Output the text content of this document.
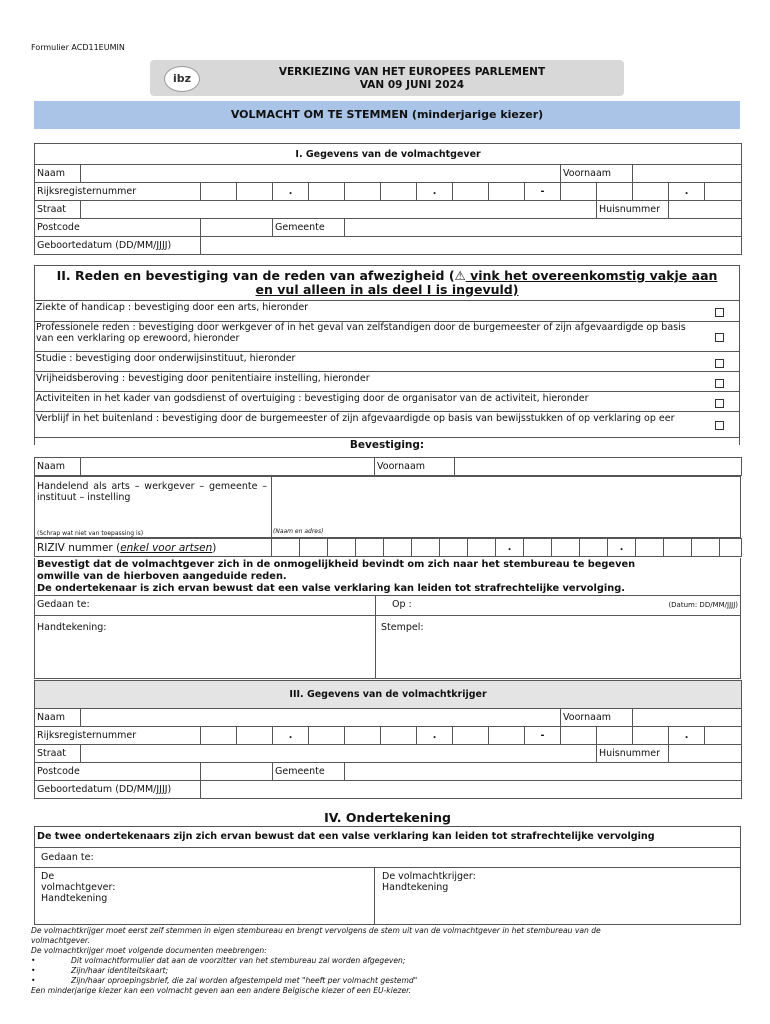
Formulier ACD11EUMIN
ibz	VERKIEZING VAN HET EUROPEES PARLEMENT
VAN 09 JUNI 2024
VOLMACHT OM TE STEMMEN (minderjarige kiezer)
I. Gegevens van de volmachtgever																
Naam												Voornaam				
Rijksregisternummer				.				.			-				.	
Straat													Huisnummer			
Postcode				Gemeente												
Geboortedatum (DD/MM/JJJJ)																
II. Reden en bevestiging van de reden van afwezigheid (⚠ vink het overeenkomstig vakje aan
en vul alleen in als deel I is ingevuld)
Ziekte of handicap : bevestiging door een arts, hieronder
Professionele reden : bevestiging door werkgever of in het geval van zelfstandigen door de burgemeester of zijn afgevaardigde op basis van een verklaring op erewoord, hieronder
Studie : bevestiging door onderwijsinstituut, hieronder
Vrijheidsberoving : bevestiging door penitentiaire instelling, hieronder
Activiteiten in het kader van godsdienst of overtuiging : bevestiging door de organisator van de activiteit, hieronder
Verblijf in het buitenland : bevestiging door de burgemeester of zijn afgevaardigde op basis van bewijsstukken of op verklaring op eer
Bevestiging:
Naam		Voornaam	
Handelend als arts – werkgever – gemeente – instituut – instelling
(Schrap wat niet van toepassing is)	(Naam en adres)
RIZIV nummer (enkel voor artsen)									.				.				
Bevestigt dat de volmachtgever zich in de onmogelijkheid bevindt om zich naar het stembureau te begeven
omwille van de hierboven aangeduide reden.
De ondertekenaar is zich ervan bewust dat een valse verklaring kan leiden tot strafrechtelijke vervolging.
Gedaan te:	Op :	(Datum: DD/MM/JJJJ)
Handtekening:	Stempel:
III. Gegevens van de volmachtkrijger																
Naam												Voornaam				
Rijksregisternummer				.				.			-				.	
Straat													Huisnummer			
Postcode				Gemeente												
Geboortedatum (DD/MM/JJJJ)																
IV. Ondertekening
De twee ondertekenaars zijn zich ervan bewust dat een valse verklaring kan leiden tot strafrechtelijke vervolging
Gedaan te:
De
volmachtgever:
Handtekening
De volmachtkrijger:
Handtekening
De volmachtkrijger moet eerst zelf stemmen in eigen stembureau en brengt vervolgens de stem uit van de volmachtgever in het stembureau van de
volmachtgever.
De volmachtkrijger moet volgende documenten meebrengen:
•	Dit volmachtformulier dat aan de voorzitter van het stembureau zal worden afgegeven;
•	Zijn/haar identiteitskaart;
•	Zijn/haar oproepingsbrief, die zal worden afgestempeld met "heeft per volmacht gestemd"
Een minderjarige kiezer kan een volmacht geven aan een andere Belgische kiezer of een EU-kiezer.
